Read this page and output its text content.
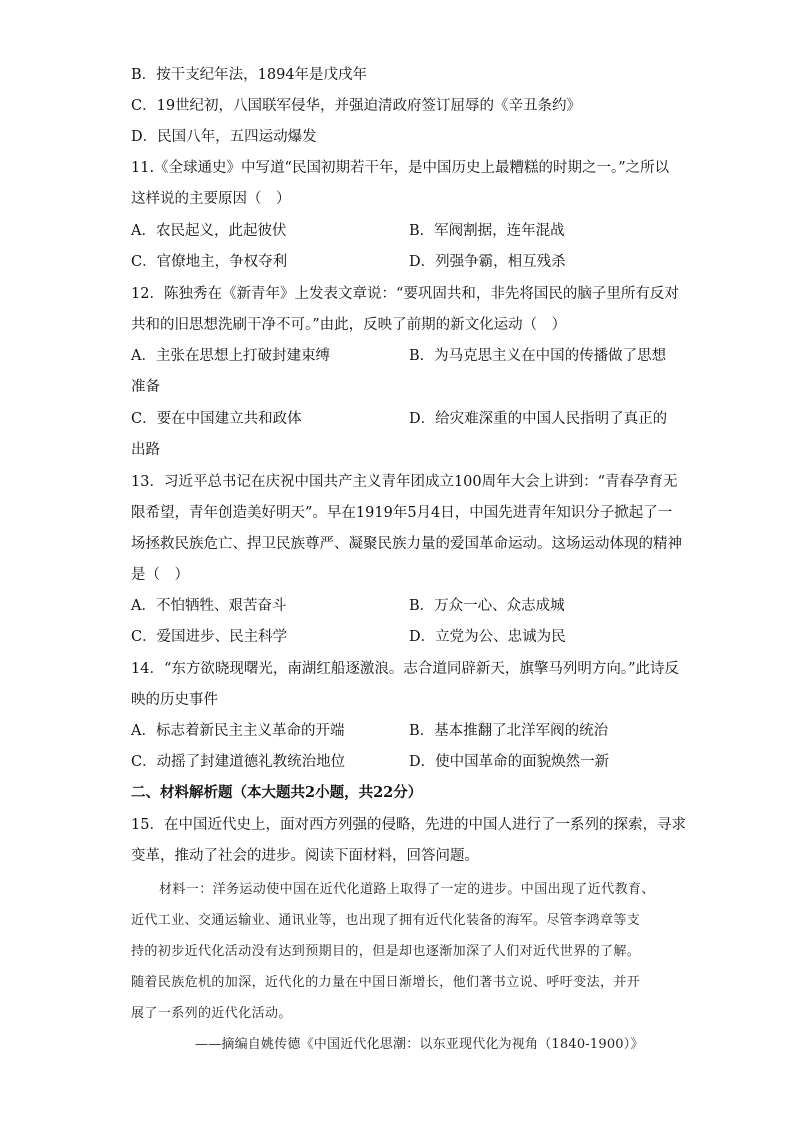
B．按干支纪年法，1894年是戊戌年
C．19世纪初，八国联军侵华，并强迫清政府签订屈辱的《辛丑条约》
D．民国八年，五四运动爆发
11.《全球通史》中写道“民国初期若干年，是中国历史上最糟糕的时期之一。”之所以
这样说的主要原因（　）
A．农民起义，此起彼伏	B．军阀割据，连年混战
C．官僚地主，争权夺利	D．列强争霸，相互残杀
12．陈独秀在《新青年》上发表文章说：“要巩固共和，非先将国民的脑子里所有反对
共和的旧思想洗刷干净不可。”由此，反映了前期的新文化运动（　）
A．主张在思想上打破封建束缚	B．为马克思主义在中国的传播做了思想
准备
C．要在中国建立共和政体	D．给灾难深重的中国人民指明了真正的
出路
13．习近平总书记在庆祝中国共产主义青年团成立100周年大会上讲到：“青春孕育无
限希望，青年创造美好明天”。早在1919年5月4日，中国先进青年知识分子掀起了一
场拯救民族危亡、捍卫民族尊严、凝聚民族力量的爱国革命运动。这场运动体现的精神
是（　）
A．不怕牺牲、艰苦奋斗	B．万众一心、众志成城
C．爱国进步、民主科学	D．立党为公、忠诚为民
14．“东方欲晓现曙光，南湖红船逐激浪。志合道同辟新天，旗擎马列明方向。”此诗反
映的历史事件
A．标志着新民主主义革命的开端	B．基本推翻了北洋军阀的统治
C．动摇了封建道德礼教统治地位	D．使中国革命的面貌焕然一新
二、材料解析题（本大题共2小题，共22分）
15．在中国近代史上，面对西方列强的侵略，先进的中国人进行了一系列的探索，寻求
变革，推动了社会的进步。阅读下面材料，回答问题。
材料一：洋务运动使中国在近代化道路上取得了一定的进步。中国出现了近代教育、
近代工业、交通运输业、通讯业等，也出现了拥有近代化装备的海军。尽管李鸿章等支
持的初步近代化活动没有达到预期目的，但是却也逐渐加深了人们对近代世界的了解。
随着民族危机的加深，近代化的力量在中国日渐增长，他们著书立说、呼吁变法，并开
展了一系列的近代化活动。
——摘编自姚传德《中国近代化思潮：以东亚现代化为视角（1840-1900）》
